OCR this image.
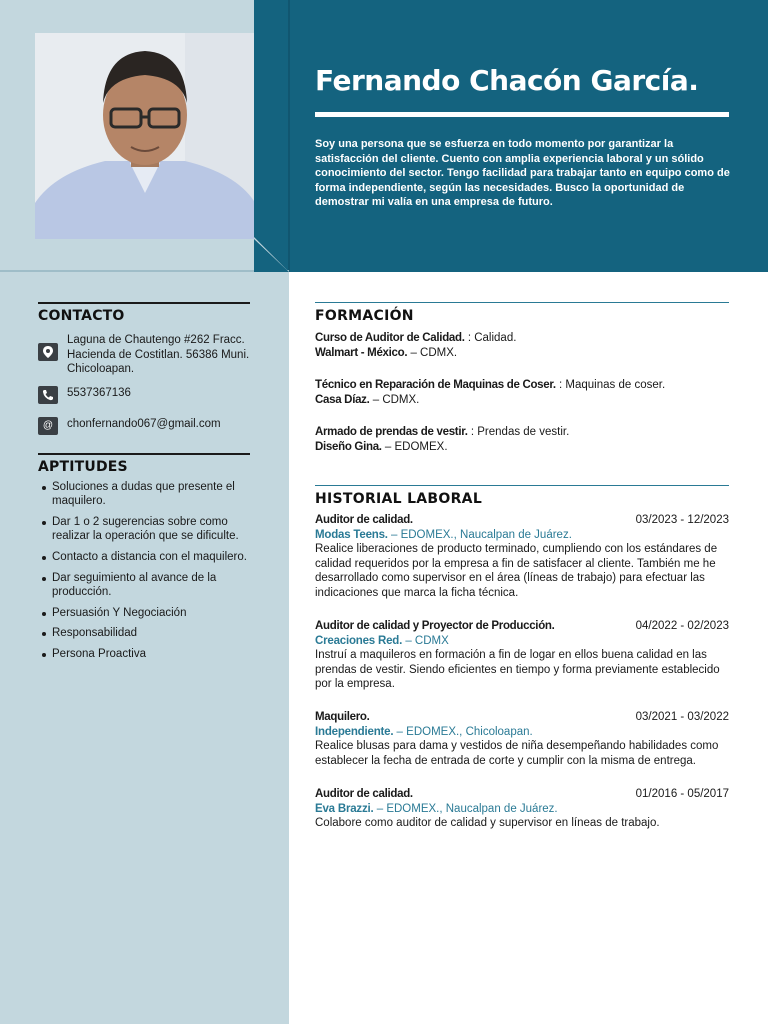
Fernando Chacón García.
Soy una persona que se esfuerza en todo momento por garantizar la satisfacción del cliente. Cuento con amplia experiencia laboral y un sólido conocimiento del sector. Tengo facilidad para trabajar tanto en equipo como de forma independiente, según las necesidades. Busco la oportunidad de demostrar mi valía en una empresa de futuro.
CONTACTO
Laguna de Chautengo #262 Fracc. Hacienda de Costitlan. 56386 Muni. Chicoloapan.
5537367136
@ chonfernando067@gmail.com
APTITUDES
Soluciones a dudas que presente el maquilero.
Dar 1 o 2 sugerencias sobre como realizar la operación que se dificulte.
Contacto a distancia con el maquilero.
Dar seguimiento al avance de la producción.
Persuasión Y Negociación
Responsabilidad
Persona Proactiva
FORMACIÓN
Curso de Auditor de Calidad. : Calidad.
Walmart - México. – CDMX.
Técnico en Reparación de Maquinas de Coser. : Maquinas de coser.
Casa Díaz. – CDMX.
Armado de prendas de vestir. : Prendas de vestir.
Diseño Gina. – EDOMEX.
HISTORIAL LABORAL
Auditor de calidad.	03/2023 - 12/2023
Modas Teens. – EDOMEX., Naucalpan de Juárez.
Realice liberaciones de producto terminado, cumpliendo con los estándares de calidad requeridos por la empresa a fin de satisfacer al cliente. También me he desarrollado como supervisor en el área (líneas de trabajo) para efectuar las indicaciones que marca la ficha técnica.
Auditor de calidad y Proyector de Producción.	04/2022 - 02/2023
Creaciones Red. – CDMX
Instruí a maquileros en formación a fin de logar en ellos buena calidad en las prendas de vestir. Siendo eficientes en tiempo y forma previamente establecido por la empresa.
Maquilero.	03/2021 - 03/2022
Independiente. – EDOMEX., Chicoloapan.
Realice blusas para dama y vestidos de niña desempeñando habilidades como establecer la fecha de entrada de corte y cumplir con la misma de entrega.
Auditor de calidad.	01/2016 - 05/2017
Eva Brazzi. – EDOMEX., Naucalpan de Juárez.
Colabore como auditor de calidad y supervisor en líneas de trabajo.
